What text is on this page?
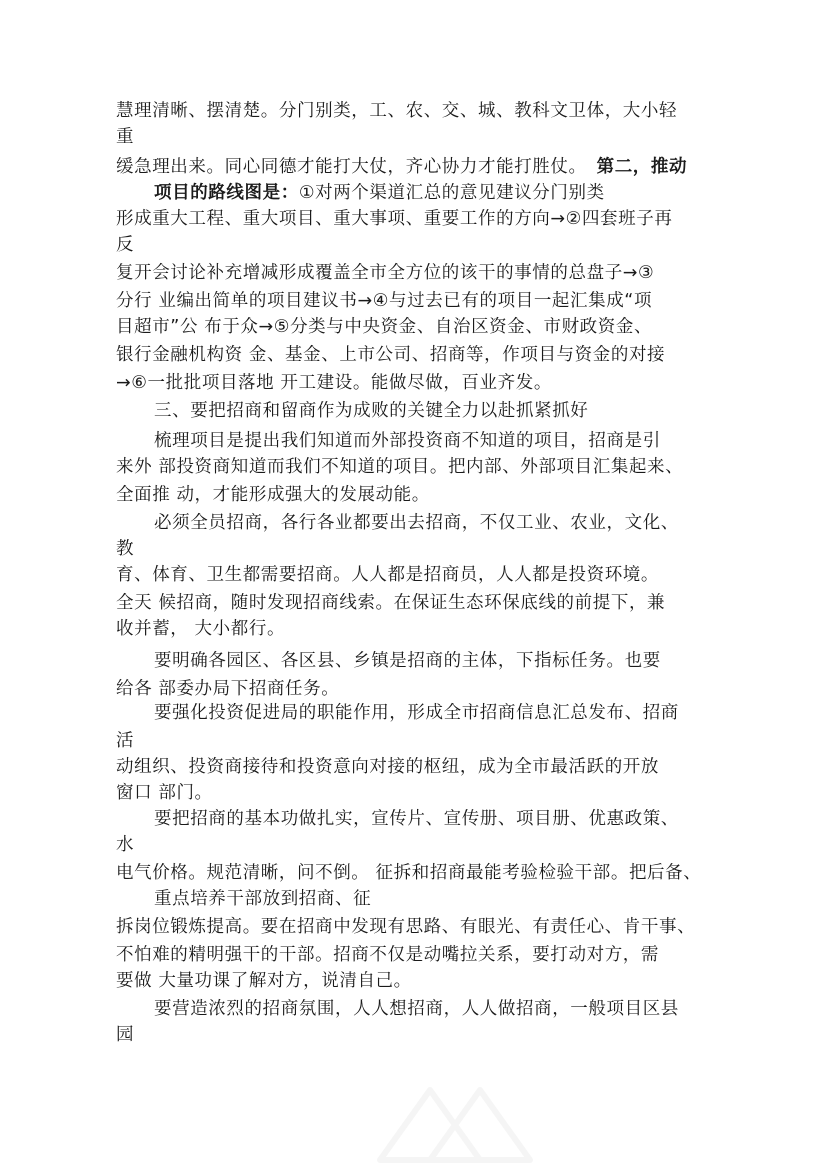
慧理清晰、摆清楚。分门别类，工、农、交、城、教科文卫体，大小轻

重

缓急理出来。同心同德才能打大仗，齐心协力才能打胜仗。 第二，推动

项目的路线图是：①对两个渠道汇总的意见建议分门别类

形成重大工程、重大项目、重大事项、重要工作的方向→②四套班子再

反

复开会讨论补充增减形成覆盖全市全方位的该干的事情的总盘子→③

分行 业编出简单的项目建议书→④与过去已有的项目一起汇集成“项

目超市”公 布于众→⑤分类与中央资金、自治区资金、市财政资金、

银行金融机构资 金、基金、上市公司、招商等，作项目与资金的对接

→⑥一批批项目落地 开工建设。能做尽做，百业齐发。

三、要把招商和留商作为成败的关键全力以赴抓紧抓好

梳理项目是提出我们知道而外部投资商不知道的项目，招商是引

来外 部投资商知道而我们不知道的项目。把内部、外部项目汇集起来、

全面推 动，才能形成强大的发展动能。

必须全员招商，各行各业都要出去招商，不仅工业、农业，文化、

教

育、体育、卫生都需要招商。人人都是招商员，人人都是投资环境。

全天 候招商，随时发现招商线索。在保证生态环保底线的前提下，兼

收并蓄， 大小都行。

要明确各园区、各区县、乡镇是招商的主体，下指标任务。也要

给各 部委办局下招商任务。

要强化投资促进局的职能作用，形成全市招商信息汇总发布、招商

活

动组织、投资商接待和投资意向对接的枢纽，成为全市最活跃的开放

窗口 部门。

要把招商的基本功做扎实，宣传片、宣传册、项目册、优惠政策、

水

电气价格。规范清晰，问不倒。 征拆和招商最能考验检验干部。把后备、

重点培养干部放到招商、征

拆岗位锻炼提高。要在招商中发现有思路、有眼光、有责任心、肯干事、

不怕难的精明强干的干部。招商不仅是动嘴拉关系，要打动对方，需

要做 大量功课了解对方，说清自己。

要营造浓烈的招商氛围，人人想招商，人人做招商，一般项目区县

园
